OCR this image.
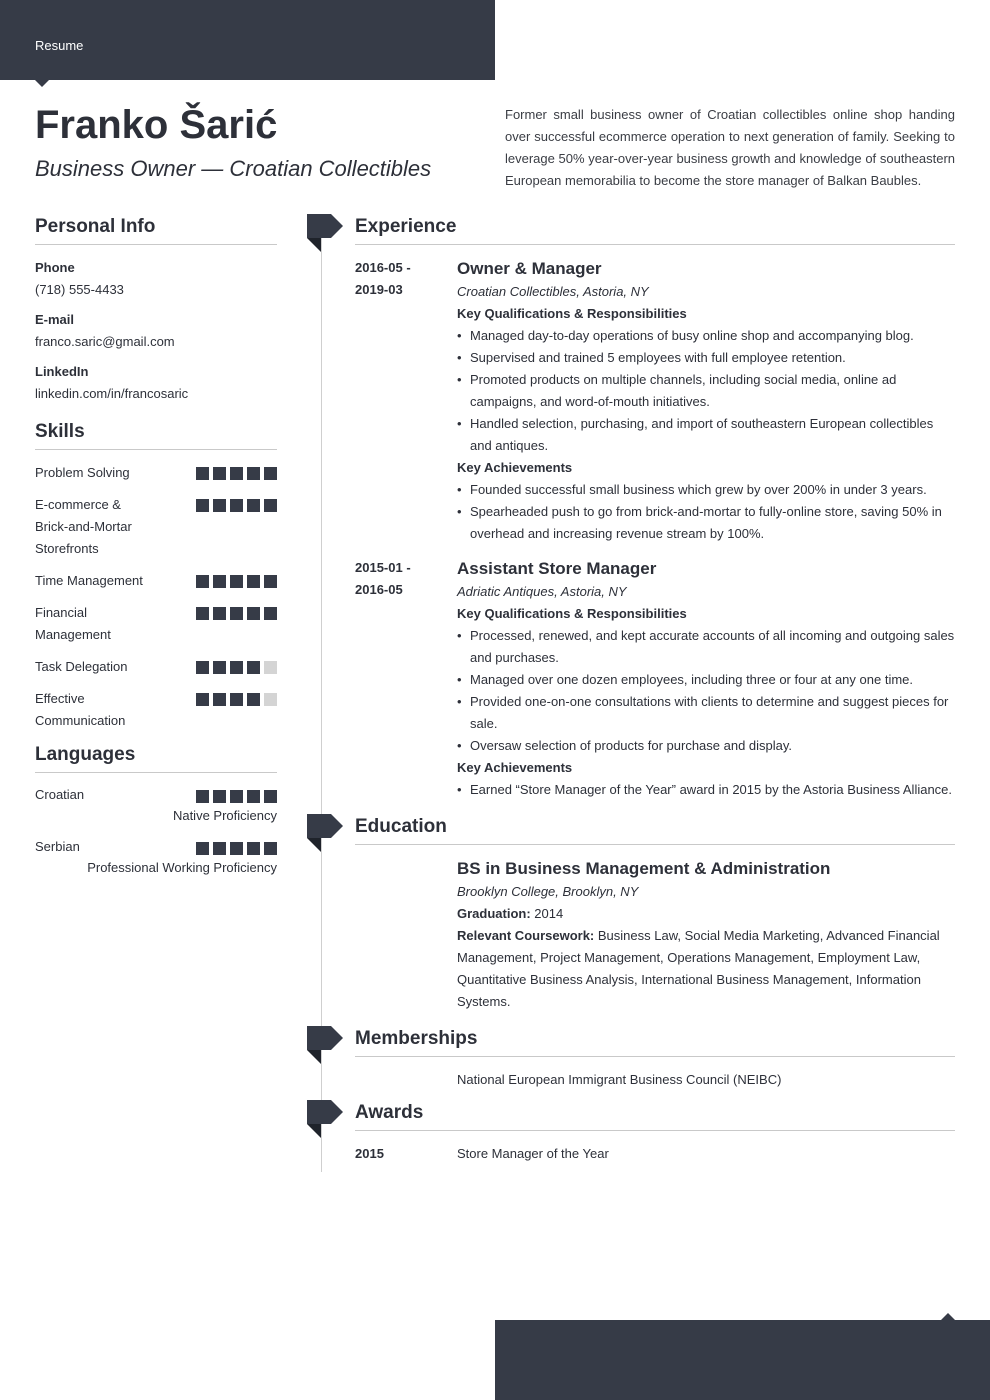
Resume
Franko Šarić
Business Owner — Croatian Collectibles
Former small business owner of Croatian collectibles online shop handing over successful ecommerce operation to next generation of family. Seeking to leverage 50% year-over-year business growth and knowledge of southeastern European memorabilia to become the store manager of Balkan Baubles.
Personal Info
Phone
(718) 555-4433
E-mail
franco.saric@gmail.com
LinkedIn
linkedin.com/in/francosaric
Skills
Problem Solving
E-commerce & Brick-and-Mortar Storefronts
Time Management
Financial Management
Task Delegation
Effective Communication
Languages
Croatian
Native Proficiency
Serbian
Professional Working Proficiency
Experience
2016-05 -
2019-03
Owner & Manager
Croatian Collectibles, Astoria, NY
Key Qualifications & Responsibilities
• Managed day-to-day operations of busy online shop and accompanying blog.
• Supervised and trained 5 employees with full employee retention.
• Promoted products on multiple channels, including social media, online ad campaigns, and word-of-mouth initiatives.
• Handled selection, purchasing, and import of southeastern European collectibles and antiques.
Key Achievements
• Founded successful small business which grew by over 200% in under 3 years.
• Spearheaded push to go from brick-and-mortar to fully-online store, saving 50% in overhead and increasing revenue stream by 100%.
2015-01 -
2016-05
Assistant Store Manager
Adriatic Antiques, Astoria, NY
Key Qualifications & Responsibilities
• Processed, renewed, and kept accurate accounts of all incoming and outgoing sales and purchases.
• Managed over one dozen employees, including three or four at any one time.
• Provided one-on-one consultations with clients to determine and suggest pieces for sale.
• Oversaw selection of products for purchase and display.
Key Achievements
• Earned “Store Manager of the Year” award in 2015 by the Astoria Business Alliance.
Education
BS in Business Management & Administration
Brooklyn College, Brooklyn, NY
Graduation: 2014
Relevant Coursework: Business Law, Social Media Marketing, Advanced Financial Management, Project Management, Operations Management, Employment Law, Quantitative Business Analysis, International Business Management, Information Systems.
Memberships
National European Immigrant Business Council (NEIBC)
Awards
2015	Store Manager of the Year
